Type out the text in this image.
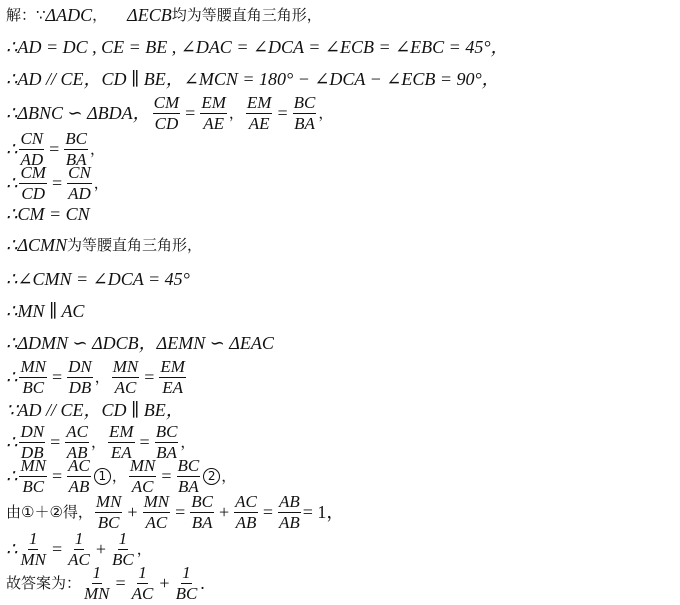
解：∵ ΔADC ， ΔECB 均为等腰直角三角形，
∴AD = DC , CE = BE , ∠DAC = ∠DCA = ∠ECB = ∠EBC = 45°，
∴AD // CE，CD ∥ BE，∠MCN = 180° − ∠DCA − ∠ECB = 90°，
∴ΔBNC ∽ ΔBDA， $\frac{CM}{CD} = \frac{EM}{AE}$ ， $\frac{EM}{AE} = \frac{BC}{BA}$ ，
∴ $\frac{CN}{AD} = \frac{BC}{BA}$ ，
∴ $\frac{CM}{CD} = \frac{CN}{AD}$ ，
∴CM = CN
∴ ΔCMN 为等腰直角三角形，
∴∠CMN = ∠DCA = 45°
∴MN ∥ AC
∴ΔDMN ∽ ΔDCB，ΔEMN ∽ ΔEAC
∴ $\frac{MN}{BC} = \frac{DN}{DB}$ ， $\frac{MN}{AC} = \frac{EM}{EA}$
∵AD // CE，CD ∥ BE，
∴ $\frac{DN}{DB} = \frac{AC}{AB}$ ， $\frac{EM}{EA} = \frac{BC}{BA}$ ，
∴ $\frac{MN}{BC} = \frac{AC}{AB} 1$ ， $\frac{MN}{AC} = \frac{BC}{BA} 2$ ，
由①＋②得， $\frac{MN}{BC} + \frac{MN}{AC} = \frac{BC}{BA} + \frac{AC}{AB} = \frac{AB}{AB} = 1$，
∴ $\frac{1}{MN} = \frac{1}{AC} + \frac{1}{BC}$ ，
故答案为： $\frac{1}{MN} = \frac{1}{AC} + \frac{1}{BC}$ .
